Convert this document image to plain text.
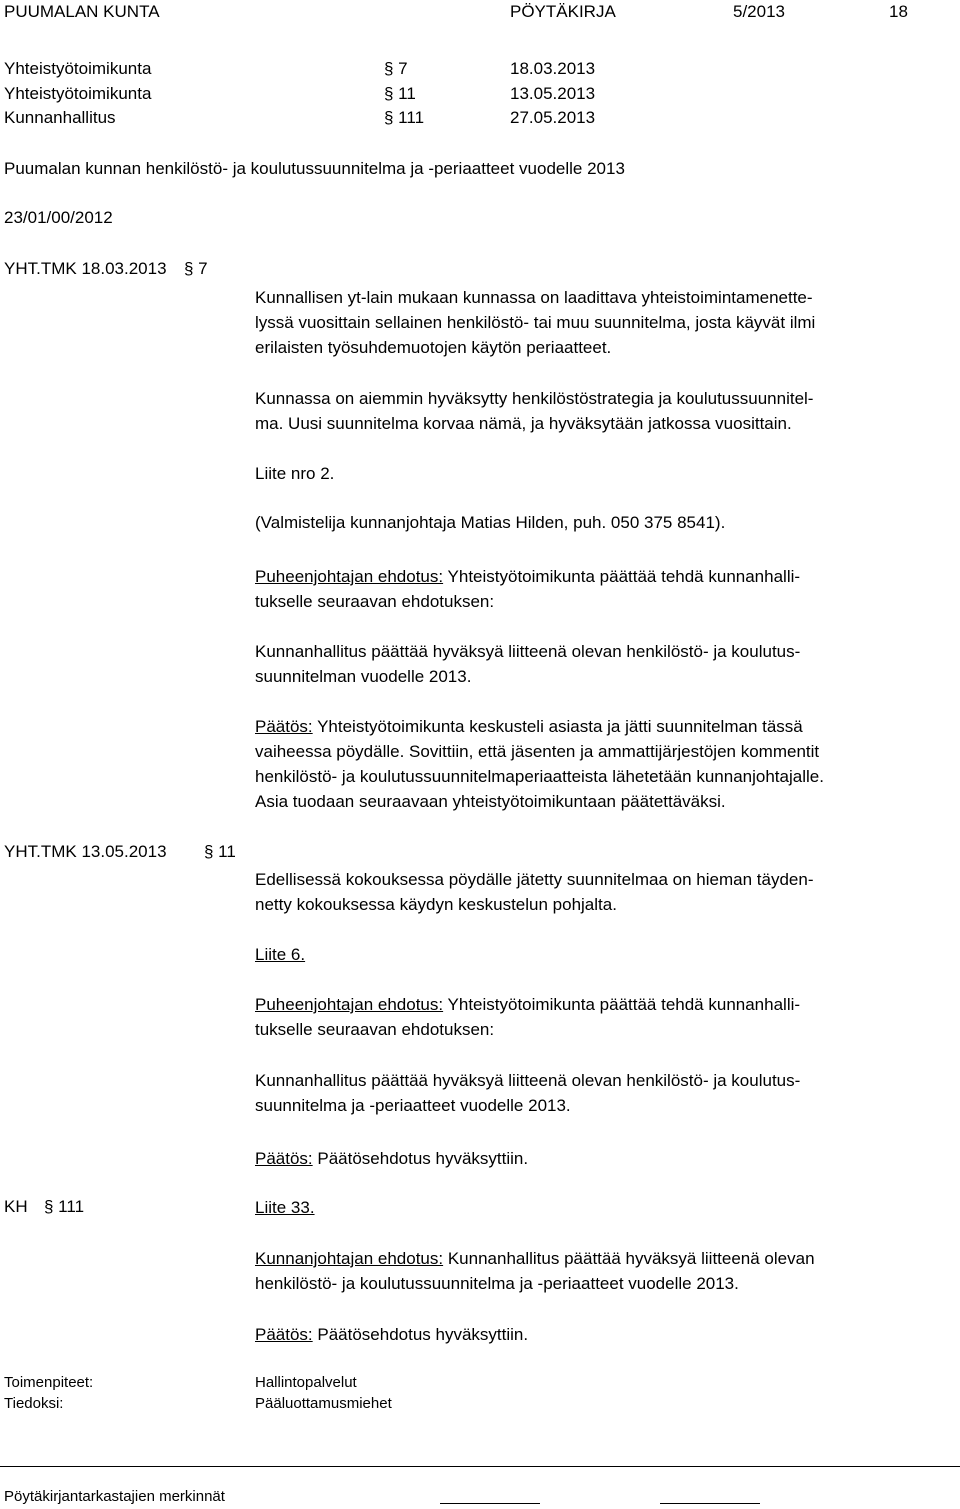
PUUMALAN KUNTA	PÖYTÄKIRJA	5/2013	18
Yhteistyötoimikunta	§ 7	18.03.2013
Yhteistyötoimikunta	§ 11	13.05.2013
Kunnanhallitus	§ 111	27.05.2013
Puumalan kunnan henkilöstö- ja koulutussuunnitelma ja -periaatteet vuodelle 2013
23/01/00/2012
YHT.TMK 18.03.2013 § 7

Kunnallisen yt-lain mukaan kunnassa on laadittava yhteistoimintamenette-

lyssä vuosittain sellainen henkilöstö- tai muu suunnitelma, josta käyvät ilmi

erilaisten työsuhdemuotojen käytön periaatteet.

Kunnassa on aiemmin hyväksytty henkilöstöstrategia ja koulutussuunnitel-

ma. Uusi suunnitelma korvaa nämä, ja hyväksytään jatkossa vuosittain.

Liite nro 2.

(Valmistelija kunnanjohtaja Matias Hilden, puh. 050 375 8541).

Puheenjohtajan ehdotus: Yhteistyötoimikunta päättää tehdä kunnanhalli-

tukselle seuraavan ehdotuksen:

Kunnanhallitus päättää hyväksyä liitteenä olevan henkilöstö- ja koulutus-

suunnitelman vuodelle 2013.

Päätös: Yhteistyötoimikunta keskusteli asiasta ja jätti suunnitelman tässä

vaiheessa pöydälle. Sovittiin, että jäsenten ja ammattijärjestöjen kommentit

henkilöstö- ja koulutussuunnitelmaperiaatteista lähetetään kunnanjohtajalle.

Asia tuodaan seuraavaan yhteistyötoimikuntaan päätettäväksi.

YHT.TMK 13.05.2013 § 11

Edellisessä kokouksessa pöydälle jätetty suunnitelmaa on hieman täyden-

netty kokouksessa käydyn keskustelun pohjalta.

Liite 6.

Puheenjohtajan ehdotus: Yhteistyötoimikunta päättää tehdä kunnanhalli-

tukselle seuraavan ehdotuksen:

Kunnanhallitus päättää hyväksyä liitteenä olevan henkilöstö- ja koulutus-

suunnitelma ja -periaatteet vuodelle 2013.

Päätös: Päätösehdotus hyväksyttiin.

KH § 111	Liite 33.

Kunnanjohtajan ehdotus: Kunnanhallitus päättää hyväksyä liitteenä olevan

henkilöstö- ja koulutussuunnitelma ja -periaatteet vuodelle 2013.

Päätös: Päätösehdotus hyväksyttiin.

Toimenpiteet:	Hallintopalvelut
Tiedoksi:	Pääluottamusmiehet
Pöytäkirjantarkastajien merkinnät
